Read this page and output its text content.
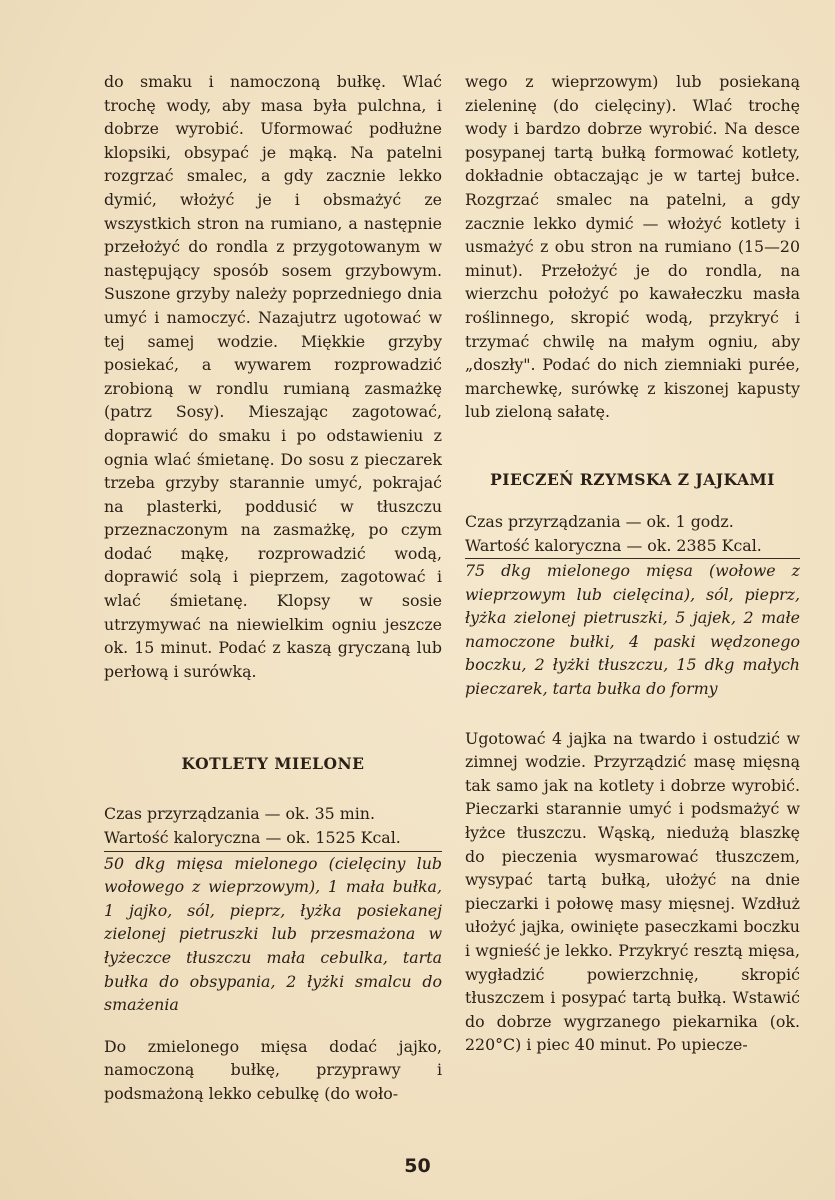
do smaku i namoczoną bułkę. Wlać trochę wody, aby masa była pulchna, i dobrze wyrobić. Uformować podłużne klopsiki, obsypać je mąką. Na patelni rozgrzać smalec, a gdy zacznie lekko dymić, włożyć je i obsmażyć ze wszystkich stron na rumiano, a następnie przełożyć do rondla z przygotowanym w następujący sposób sosem grzybowym. Suszone grzyby należy poprzedniego dnia umyć i namoczyć. Nazajutrz ugotować w tej samej wodzie. Miękkie grzyby posiekać, a wywarem rozprowadzić zrobioną w rondlu rumianą zasmażkę (patrz Sosy). Mieszając zagotować, doprawić do smaku i po odstawieniu z ognia wlać śmietanę. Do sosu z pieczarek trzeba grzyby starannie umyć, pokrajać na plasterki, poddusić w tłuszczu przeznaczonym na zasmażkę, po czym dodać mąkę, rozprowadzić wodą, doprawić solą i pieprzem, zagotować i wlać śmietanę. Klopsy w sosie utrzymywać na niewielkim ogniu jeszcze ok. 15 minut. Podać z kaszą gryczaną lub perłową i surówką.

KOTLETY MIELONE
Czas przyrządzania — ok. 35 min.
Wartość kaloryczna — ok. 1525 Kcal.

50 dkg mięsa mielonego (cielęciny lub wołowego z wieprzowym), 1 mała bułka, 1 jajko, sól, pieprz, łyżka posiekanej zielonej pietruszki lub przesmażona w łyżeczce tłuszczu mała cebulka, tarta bułka do obsypania, 2 łyżki smalcu do smażenia

Do zmielonego mięsa dodać jajko, namoczoną bułkę, przyprawy i podsmażoną lekko cebulkę (do woło-

wego z wieprzowym) lub posiekaną zieleninę (do cielęciny). Wlać trochę wody i bardzo dobrze wyrobić. Na desce posypanej tartą bułką formować kotlety, dokładnie obtaczając je w tartej bułce. Rozgrzać smalec na patelni, a gdy zacznie lekko dymić — włożyć kotlety i usmażyć z obu stron na rumiano (15—20 minut). Przełożyć je do rondla, na wierzchu położyć po kawałeczku masła roślinnego, skropić wodą, przykryć i trzymać chwilę na małym ogniu, aby „doszły". Podać do nich ziemniaki purée, marchewkę, surówkę z kiszonej kapusty lub zieloną sałatę.

PIECZEŃ RZYMSKA Z JAJKAMI
Czas przyrządzania — ok. 1 godz.
Wartość kaloryczna — ok. 2385 Kcal.

75 dkg mielonego mięsa (wołowe z wieprzowym lub cielęcina), sól, pieprz, łyżka zielonej pietruszki, 5 jajek, 2 małe namoczone bułki, 4 paski wędzonego boczku, 2 łyżki tłuszczu, 15 dkg małych pieczarek, tarta bułka do formy

Ugotować 4 jajka na twardo i ostudzić w zimnej wodzie. Przyrządzić masę mięsną tak samo jak na kotlety i dobrze wyrobić. Pieczarki starannie umyć i podsmażyć w łyżce tłuszczu. Wąską, niedużą blaszkę do pieczenia wysmarować tłuszczem, wysypać tartą bułką, ułożyć na dnie pieczarki i połowę masy mięsnej. Wzdłuż ułożyć jajka, owinięte paseczkami boczku i wgnieść je lekko. Przykryć resztą mięsa, wygładzić powierzchnię, skropić tłuszczem i posypać tartą bułką. Wstawić do dobrze wygrzanego piekarnika (ok. 220°C) i piec 40 minut. Po upiecze-

50
